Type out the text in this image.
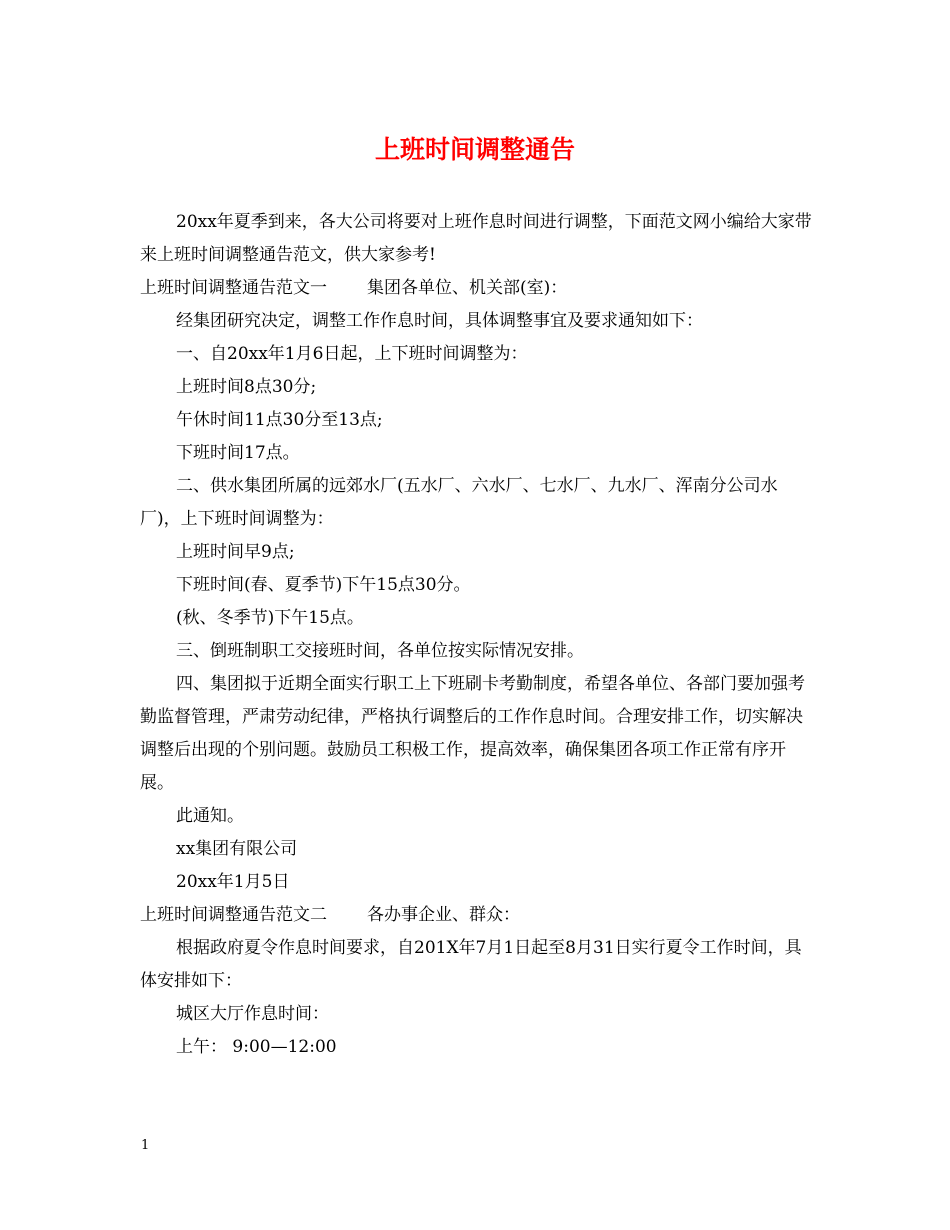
上班时间调整通告

20xx年夏季到来，各大公司将要对上班作息时间进行调整，下面范文网小编给大家带来上班时间调整通告范文，供大家参考!

上班时间调整通告范文一 集团各单位、机关部(室)：

经集团研究决定，调整工作作息时间，具体调整事宜及要求通知如下：

一、自20xx年1月6日起，上下班时间调整为：

上班时间8点30分;

午休时间11点30分至13点;

下班时间17点。

二、供水集团所属的远郊水厂(五水厂、六水厂、七水厂、九水厂、浑南分公司水厂)，上下班时间调整为：

上班时间早9点;

下班时间(春、夏季节)下午15点30分。

(秋、冬季节)下午15点。

三、倒班制职工交接班时间，各单位按实际情况安排。

四、集团拟于近期全面实行职工上下班刷卡考勤制度，希望各单位、各部门要加强考勤监督管理，严肃劳动纪律，严格执行调整后的工作作息时间。合理安排工作，切实解决调整后出现的个别问题。鼓励员工积极工作，提高效率，确保集团各项工作正常有序开展。

此通知。

xx集团有限公司

20xx年1月5日

上班时间调整通告范文二 各办事企业、群众：

根据政府夏令作息时间要求，自201X年7月1日起至8月31日实行夏令工作时间，具体安排如下：

城区大厅作息时间：

上午： 9:00—12:00

1
